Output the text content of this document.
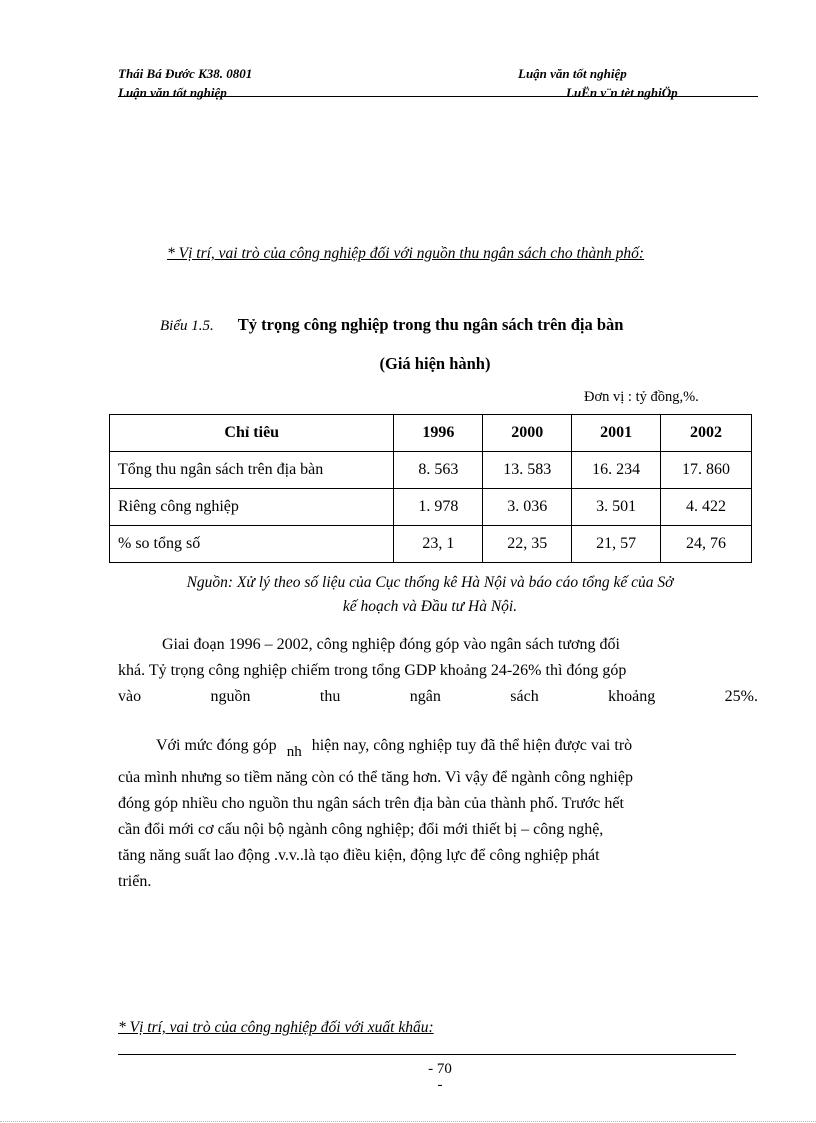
Thái Bá Đước K38. 0801	Luận văn tốt nghiệp
Luận văn tốt nghiệp	LuËn v¨n tèt nghiÖp
* Vị trí, vai trò của công nghiệp đối với nguồn thu ngân sách cho thành phố:
Biểu 1.5. Tỷ trọng công nghiệp trong thu ngân sách trên địa bàn
(Giá hiện hành)
Đơn vị : tỷ đồng,%.
Chỉ tiêu	1996	2000	2001	2002
Tổng thu ngân sách trên địa bàn	8. 563	13. 583	16. 234	17. 860
Riêng công nghiệp	1. 978	3. 036	3. 501	4. 422
% so tổng số	23, 1	22, 35	21, 57	24, 76
Nguồn: Xử lý theo số liệu của Cục thống kê Hà Nội và báo cáo tổng kế của Sở
kế hoạch và Đầu tư Hà Nội.
Giai đoạn 1996 – 2002, công nghiệp đóng góp vào ngân sách tương đối
khá. Tỷ trọng công nghiệp chiếm trong tổng GDP khoảng 24-26% thì đóng góp
vào	nguồn	thu	ngân	sách	khoảng	25%.
Với mức đóng góp nh hiện nay, công nghiệp tuy đã thể hiện được vai trò
của mình nhưng so tiềm năng còn có thể tăng hơn. Vì vậy để ngành công nghiệp
đóng góp nhiều cho nguồn thu ngân sách trên địa bàn của thành phố. Trước hết
cần đổi mới cơ cấu nội bộ ngành công nghiệp; đổi mới thiết bị – công nghệ,
tăng năng suất lao động .v.v..là tạo điều kiện, động lực để công nghiệp phát
triển.
* Vị trí, vai trò của công nghiệp đối với xuất khẩu:
- 70
-
